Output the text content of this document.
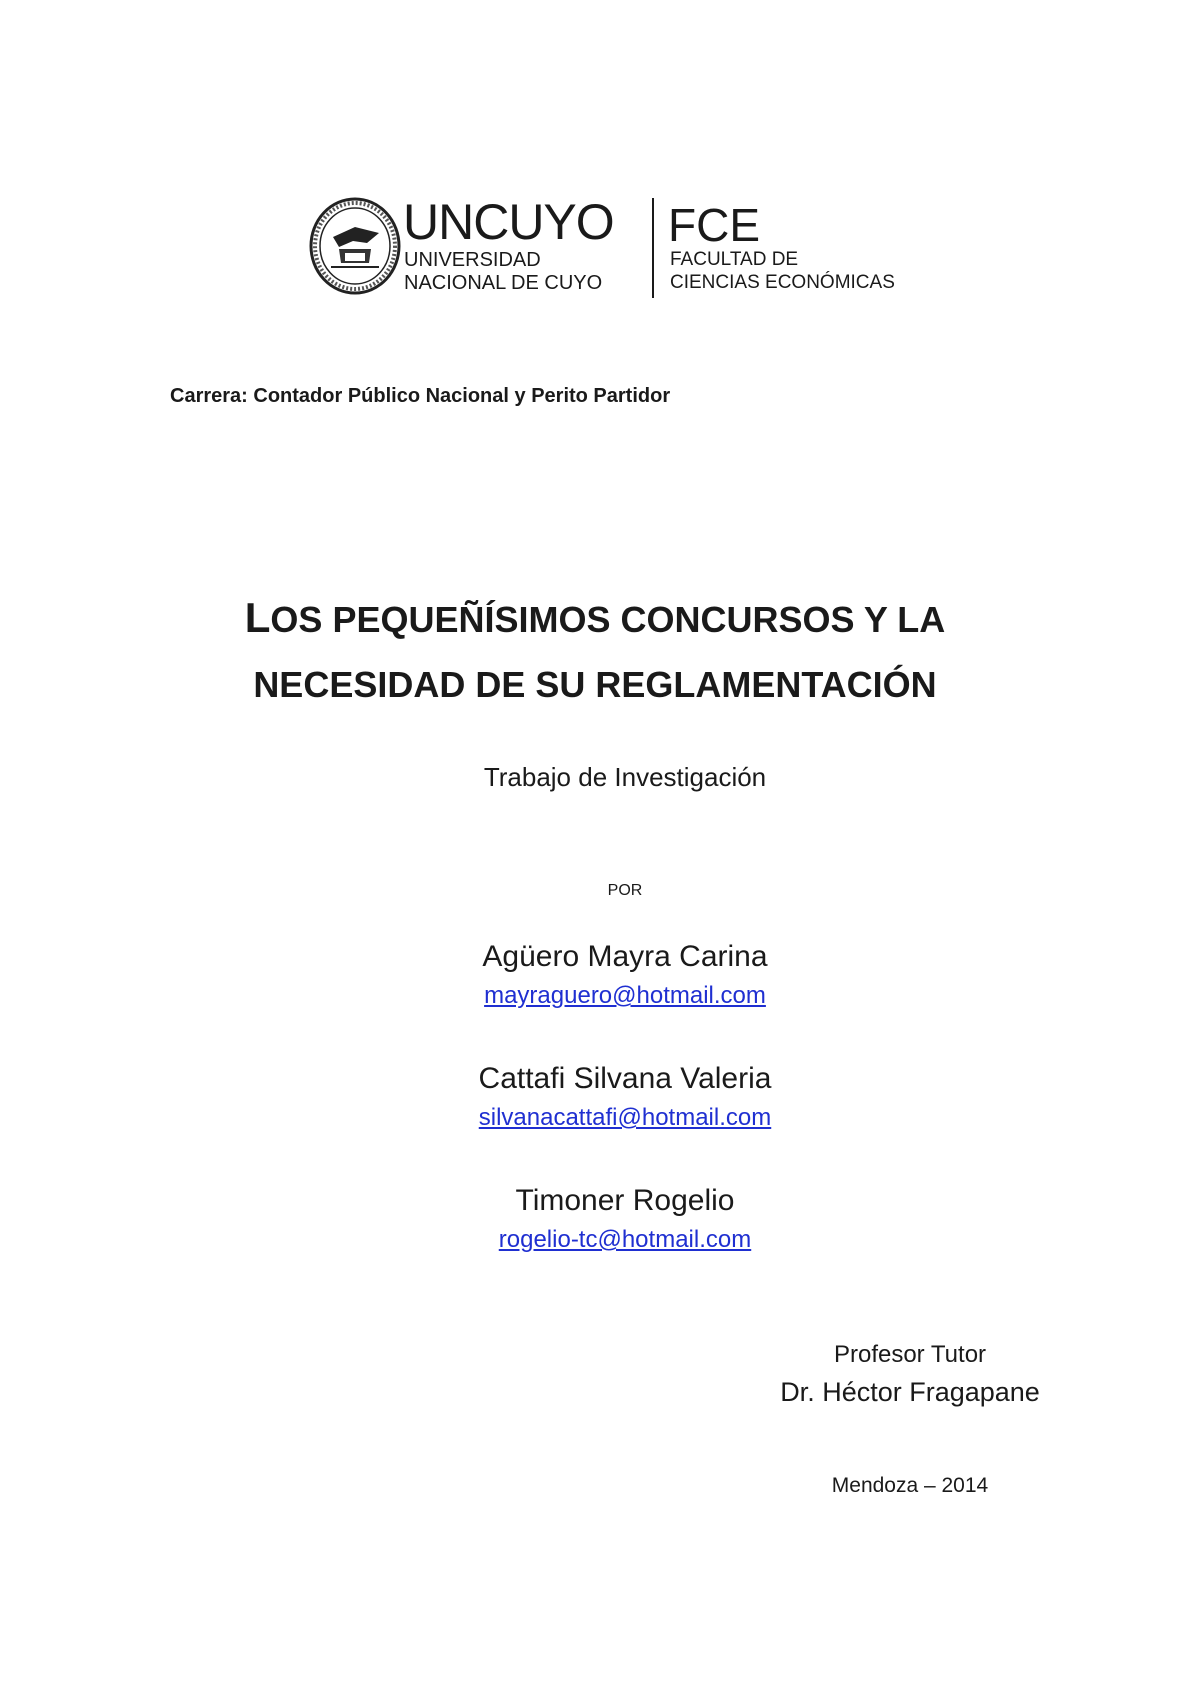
UNCUYO
UNIVERSIDAD
NACIONAL DE CUYO
FCE
FACULTAD DE
CIENCIAS ECONÓMICAS
Carrera: Contador Público Nacional y Perito Partidor
LOS PEQUEÑÍSIMOS CONCURSOS Y LA
NECESIDAD DE SU REGLAMENTACIÓN
Trabajo de Investigación
POR
Agüero Mayra Carina
mayraguero@hotmail.com
Cattafi Silvana Valeria
silvanacattafi@hotmail.com
Timoner Rogelio
rogelio-tc@hotmail.com
Profesor Tutor
Dr. Héctor Fragapane
Mendoza – 2014
